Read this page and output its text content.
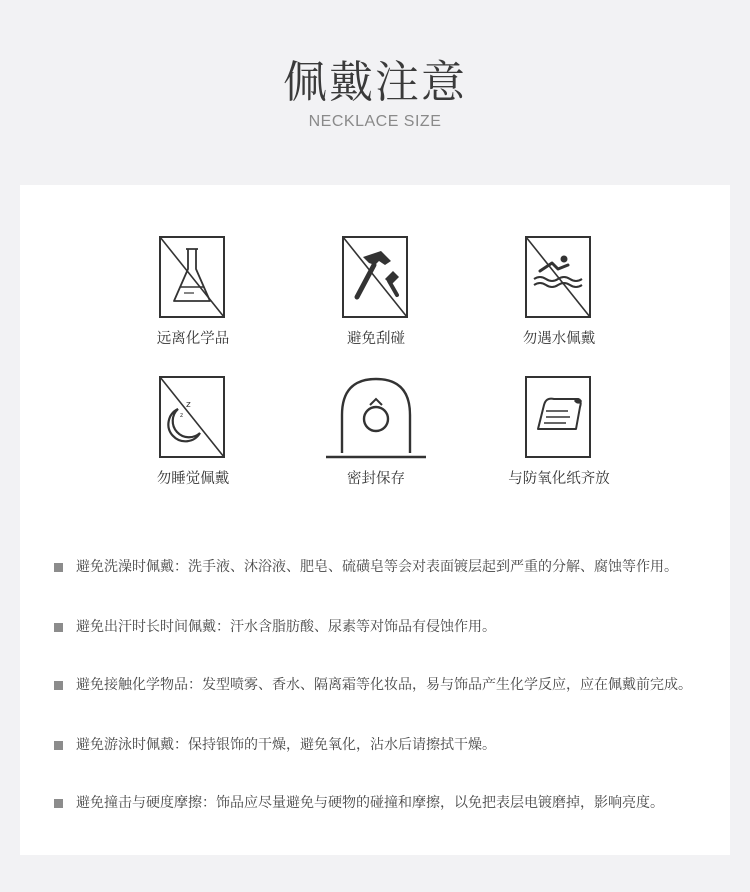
佩戴注意
NECKLACE SIZE
远离化学品	避免刮碰	勿遇水佩戴
z
z
勿睡觉佩戴	密封保存	与防氧化纸齐放
避免洗澡时佩戴：洗手液、沐浴液、肥皂、硫磺皂等会对表面镀层起到严重的分解、腐蚀等作用。
避免出汗时长时间佩戴：汗水含脂肪酸、尿素等对饰品有侵蚀作用。
避免接触化学物品：发型喷雾、香水、隔离霜等化妆品，易与饰品产生化学反应，应在佩戴前完成。
避免游泳时佩戴：保持银饰的干燥，避免氧化，沾水后请擦拭干燥。
避免撞击与硬度摩擦：饰品应尽量避免与硬物的碰撞和摩擦，以免把表层电镀磨掉，影响亮度。
